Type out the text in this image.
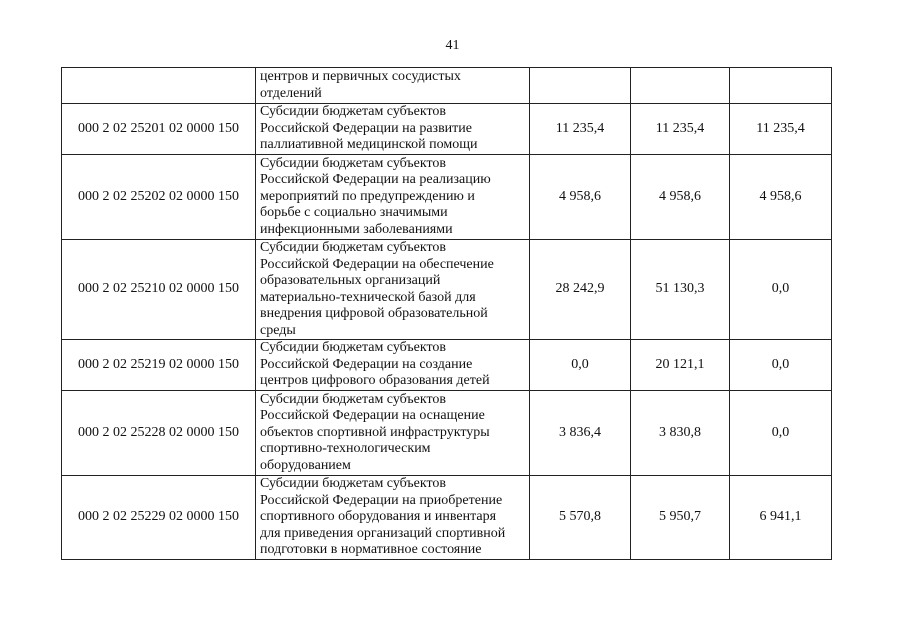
41

	центров и первичных сосудистых отделений			

000 2 02 25201 02 0000 150	Субсидии бюджетам субъектов Российской Федерации на развитие паллиативной медицинской помощи	11 235,4	11 235,4	11 235,4
000 2 02 25202 02 0000 150	Субсидии бюджетам субъектов Российской Федерации на реализацию мероприятий по предупреждению и борьбе с социально значимыми инфекционными заболеваниями	4 958,6	4 958,6	4 958,6
000 2 02 25210 02 0000 150	Субсидии бюджетам субъектов Российской Федерации на обеспечение образовательных организаций материально-технической базой для внедрения цифровой образовательной среды	28 242,9	51 130,3	0,0
000 2 02 25219 02 0000 150	Субсидии бюджетам субъектов Российской Федерации на создание центров цифрового образования детей	0,0	20 121,1	0,0
000 2 02 25228 02 0000 150	Субсидии бюджетам субъектов Российской Федерации на оснащение объектов спортивной инфраструктуры спортивно-технологическим оборудованием	3 836,4	3 830,8	0,0
000 2 02 25229 02 0000 150	Субсидии бюджетам субъектов Российской Федерации на приобретение спортивного оборудования и инвентаря для приведения организаций спортивной подготовки в нормативное состояние	5 570,8	5 950,7	6 941,1
